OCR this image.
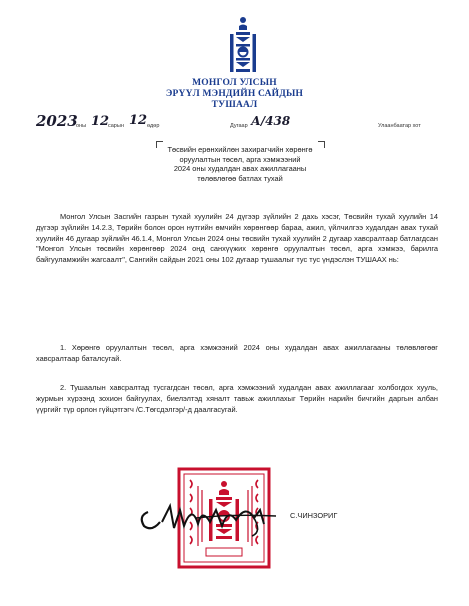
МОНГОЛ УЛСЫН
ЭРҮҮЛ МЭНДИЙН САЙДЫН
ТУШААЛ
2023
оны 12
сарын 12 өдөр	Дугаар А/438	Улаанбаатар хот
Төсвийн ерөнхийлөн захирагчийн хөрөнгө
оруулалтын төсөл, арга хэмжээний
2024 оны худалдан авах ажиллагааны
төлөвлөгөө батлах тухай
Монгол Улсын Засгийн газрын тухай хуулийн 24 дүгээр зүйлийн 2 дахь хэсэг, Төсвийн тухай хуулийн 14 дүгээр зүйлийн 14.2.3, Төрийн болон орон нутгийн өмчийн хөрөнгөөр бараа, ажил, үйлчилгээ худалдан авах тухай хуулийн 46 дугаар зүйлийн 46.1.4, Монгол Улсын 2024 оны төсвийн тухай хуулийн 2 дугаар хавсралтаар батлагдсан "Монгол Улсын төсвийн хөрөнгөөр 2024 онд санхүүжих хөрөнгө оруулалтын төсөл, арга хэмжээ, барилга байгууламжийн жагсаалт", Сангийн сайдын 2021 оны 102 дугаар тушаалыг тус тус үндэслэн ТУШААХ нь:
1. Хөрөнгө оруулалтын төсөл, арга хэмжээний 2024 оны худалдан авах ажиллагааны төлөвлөгөөг хавсралтаар баталсугай.
2. Тушаалын хавсралтад тусгагдсан төсөл, арга хэмжээний худалдан авах ажиллагааг холбогдох хууль, журмын хүрээнд зохион байгуулах, биелэлтэд хяналт тавьж ажиллахыг Төрийн нарийн бичгийн даргын албан үүргийг түр орлон гүйцэтгэгч /С.Төгсдэлгэр/-д даалгасугай.
С.ЧИНЗОРИГ
